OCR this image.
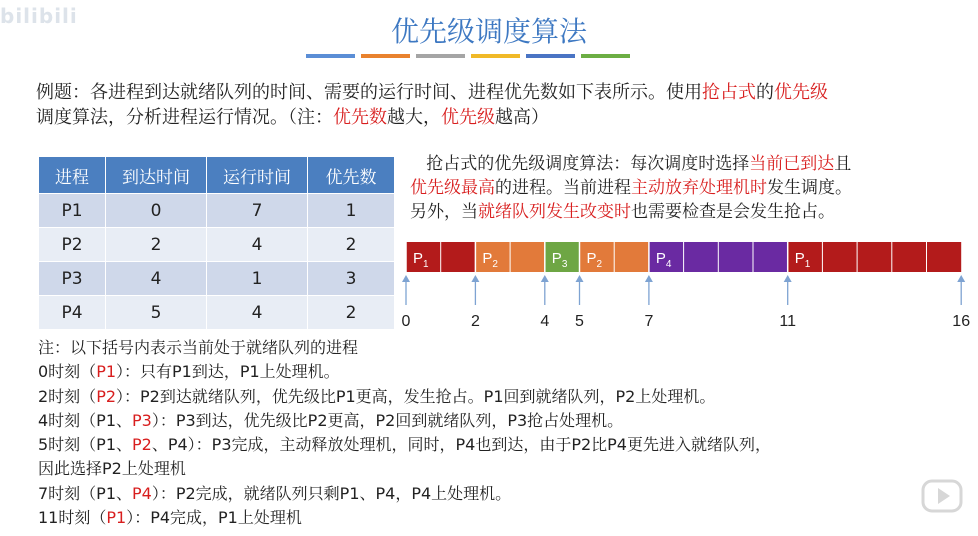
bilibili	优先级调度算法
例题：各进程到达就绪队列的时间、需要的运行时间、进程优先数如下表所示。使用抢占式的优先级
调度算法，分析进程运行情况。（注：优先数越大，优先级越高）
进程	到达时间	运行时间	优先数
P1	0	7	1
P2	2	4	2
P3	4	1	3
P4	5	4	2
抢占式的优先级调度算法：每次调度时选择当前已到达且
优先级最高的进程。当前进程主动放弃处理机时发生调度。
另外，当就绪队列发生改变时也需要检查是会发生抢占。
$P_1$	$P_2$	$P_3$ $P_2$	$P_4$	$P_1$
0	2	4 5	7	11	16
注：以下括号内表示当前处于就绪队列的进程
0时刻（P1）：只有P1到达，P1上处理机。
2时刻（P2）：P2到达就绪队列，优先级比P1更高，发生抢占。P1回到就绪队列，P2上处理机。
4时刻（P1、P3）：P3到达，优先级比P2更高，P2回到就绪队列，P3抢占处理机。
5时刻（P1、P2、P4）：P3完成，主动释放处理机，同时，P4也到达，由于P2比P4更先进入就绪队列，
因此选择P2上处理机
7时刻（P1、P4）：P2完成，就绪队列只剩P1、P4，P4上处理机。
11时刻（P1）：P4完成，P1上处理机
